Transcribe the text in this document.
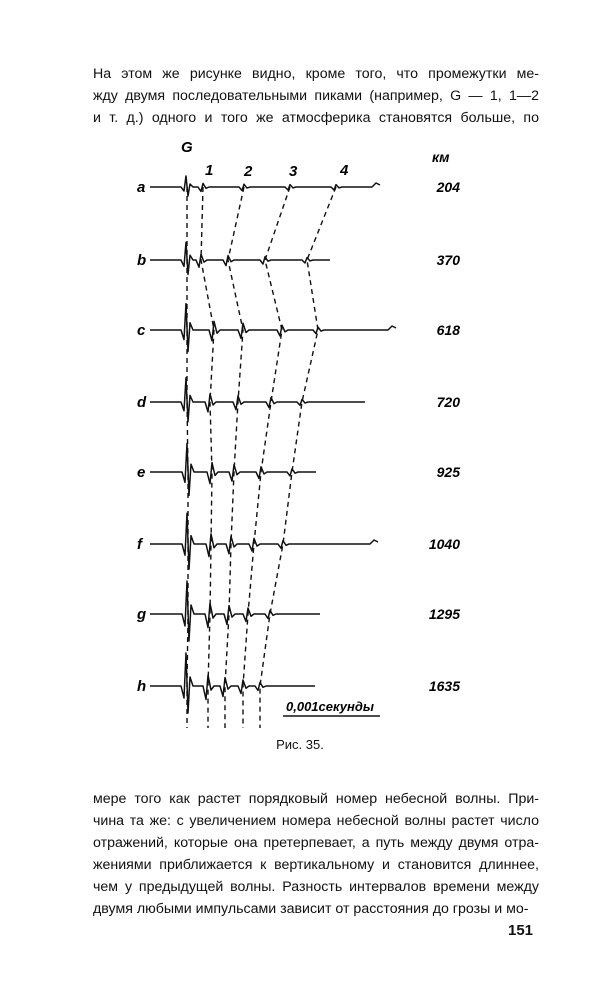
На этом же рисунке видно, кроме того, что промежутки ме-
жду двумя последовательными пиками (например, G — 1, 1—2
и т. д.) одного и того же атмосферика становятся больше, по

G
1 2 3	4
км
a
b
c
d
e
f
g
h
204
370
618
720
925
1040
1295
1635
0,001секунды
Рис. 35.

мере того как растет порядковый номер небесной волны. При-
чина та же: с увеличением номера небесной волны растет число
отражений, которые она претерпевает, а путь между двумя отра-
жениями приближается к вертикальному и становится длиннее,
чем у предыдущей волны. Разность интервалов времени между
двумя любыми импульсами зависит от расстояния до грозы и мо-

151
